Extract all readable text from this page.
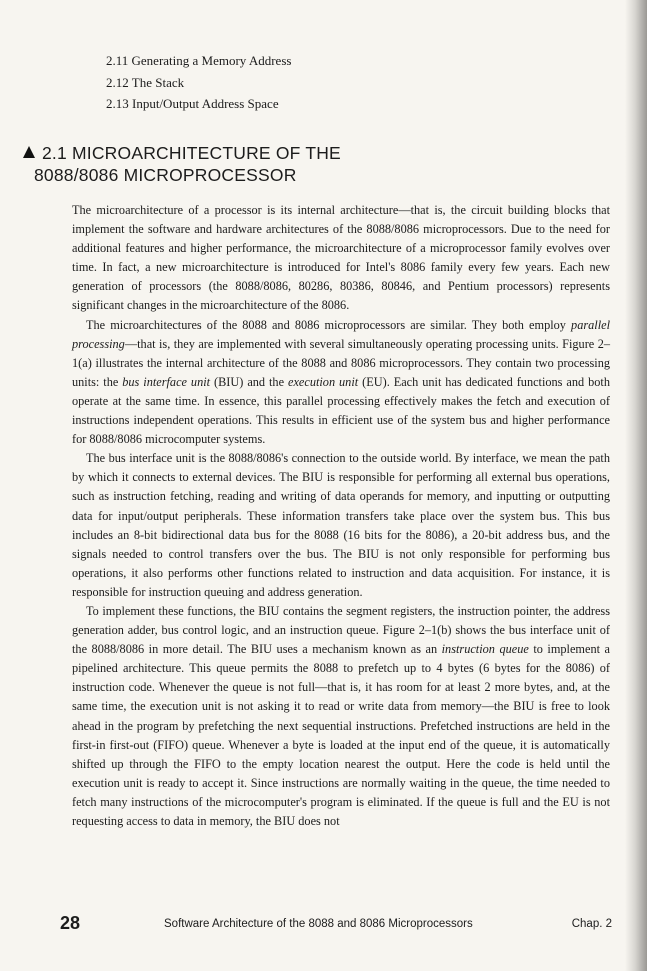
2.11 Generating a Memory Address
2.12 The Stack
2.13 Input/Output Address Space
2.1 MICROARCHITECTURE OF THE
8088/8086 MICROPROCESSOR

The microarchitecture of a processor is its internal architecture—that is, the circuit building blocks that implement the software and hardware architectures of the 8088/8086 microprocessors. Due to the need for additional features and higher performance, the microarchitecture of a microprocessor family evolves over time. In fact, a new microarchitecture is introduced for Intel's 8086 family every few years. Each new generation of processors (the 8088/8086, 80286, 80386, 80846, and Pentium processors) represents significant changes in the microarchitecture of the 8086.

The microarchitectures of the 8088 and 8086 microprocessors are similar. They both employ parallel processing—that is, they are implemented with several simultaneously operating processing units. Figure 2–1(a) illustrates the internal architecture of the 8088 and 8086 microprocessors. They contain two processing units: the bus interface unit (BIU) and the execution unit (EU). Each unit has dedicated functions and both operate at the same time. In essence, this parallel processing effectively makes the fetch and execution of instructions independent operations. This results in efficient use of the system bus and higher performance for 8088/8086 microcomputer systems.

The bus interface unit is the 8088/8086's connection to the outside world. By interface, we mean the path by which it connects to external devices. The BIU is responsible for performing all external bus operations, such as instruction fetching, reading and writing of data operands for memory, and inputting or outputting data for input/output peripherals. These information transfers take place over the system bus. This bus includes an 8-bit bidirectional data bus for the 8088 (16 bits for the 8086), a 20-bit address bus, and the signals needed to control transfers over the bus. The BIU is not only responsible for performing bus operations, it also performs other functions related to instruction and data acquisition. For instance, it is responsible for instruction queuing and address generation.

To implement these functions, the BIU contains the segment registers, the instruction pointer, the address generation adder, bus control logic, and an instruction queue. Figure 2–1(b) shows the bus interface unit of the 8088/8086 in more detail. The BIU uses a mechanism known as an instruction queue to implement a pipelined architecture. This queue permits the 8088 to prefetch up to 4 bytes (6 bytes for the 8086) of instruction code. Whenever the queue is not full—that is, it has room for at least 2 more bytes, and, at the same time, the execution unit is not asking it to read or write data from memory—the BIU is free to look ahead in the program by prefetching the next sequential instructions. Prefetched instructions are held in the first-in first-out (FIFO) queue. Whenever a byte is loaded at the input end of the queue, it is automatically shifted up through the FIFO to the empty location nearest the output. Here the code is held until the execution unit is ready to accept it. Since instructions are normally waiting in the queue, the time needed to fetch many instructions of the microcomputer's program is eliminated. If the queue is full and the EU is not requesting access to data in memory, the BIU does not

28	Software Architecture of the 8088 and 8086 Microprocessors	Chap. 2
